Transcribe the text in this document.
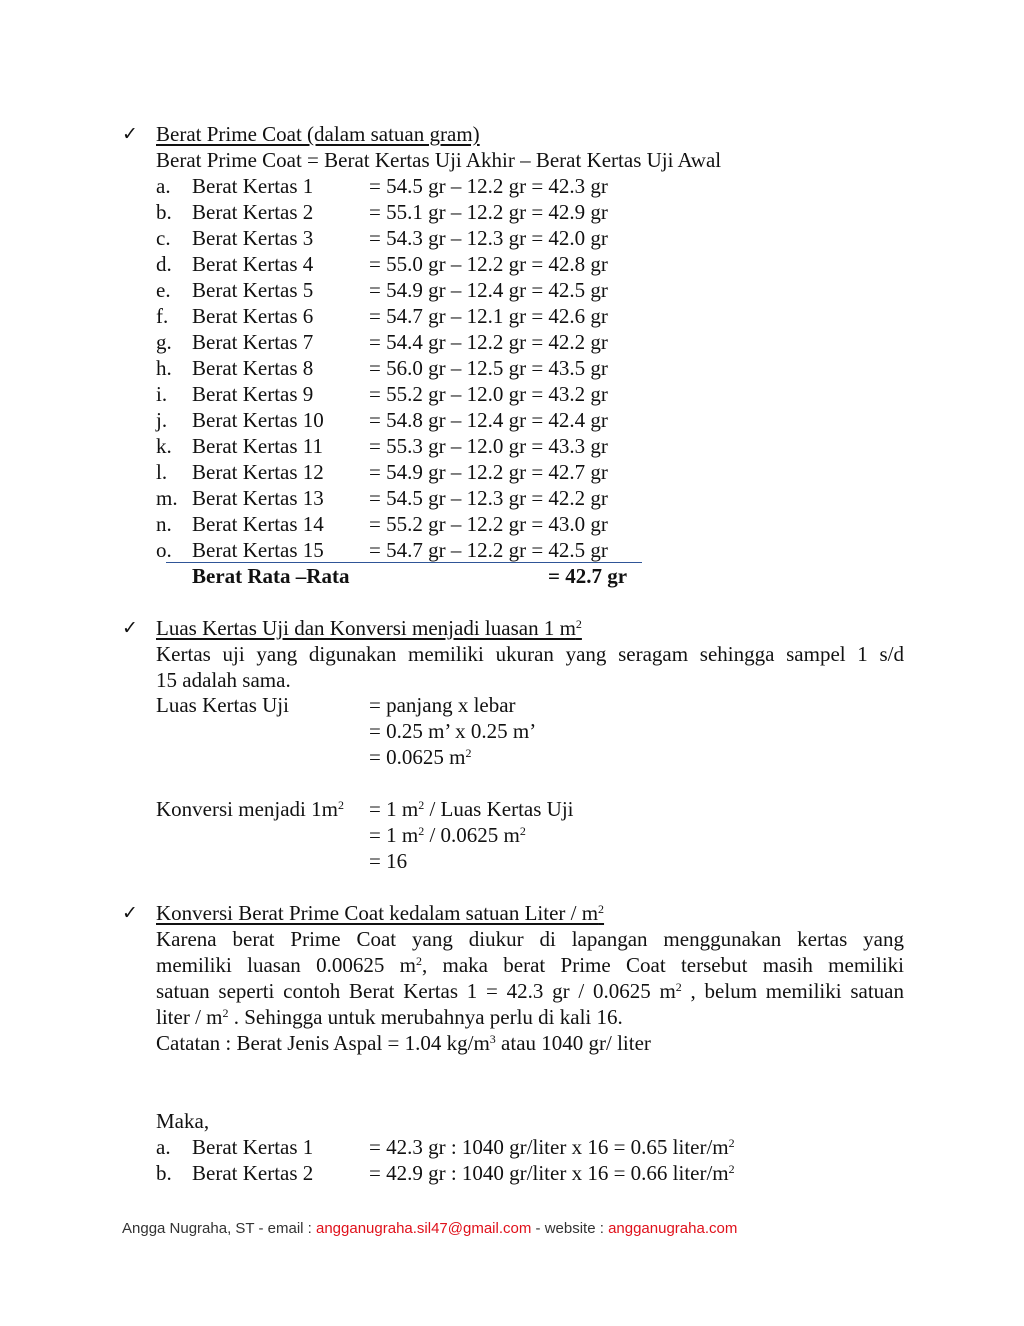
✓ Berat Prime Coat (dalam satuan gram)
Berat Prime Coat = Berat Kertas Uji Akhir – Berat Kertas Uji Awal
a. Berat Kertas 1	= 54.5 gr – 12.2 gr = 42.3 gr
b. Berat Kertas 2	= 55.1 gr – 12.2 gr = 42.9 gr
c. Berat Kertas 3	= 54.3 gr – 12.3 gr = 42.0 gr
d. Berat Kertas 4	= 55.0 gr – 12.2 gr = 42.8 gr
e. Berat Kertas 5	= 54.9 gr – 12.4 gr = 42.5 gr
f. Berat Kertas 6	= 54.7 gr – 12.1 gr = 42.6 gr
g. Berat Kertas 7	= 54.4 gr – 12.2 gr = 42.2 gr
h. Berat Kertas 8	= 56.0 gr – 12.5 gr = 43.5 gr
i. Berat Kertas 9	= 55.2 gr – 12.0 gr = 43.2 gr
j. Berat Kertas 10 = 54.8 gr – 12.4 gr = 42.4 gr
k. Berat Kertas 11 = 55.3 gr – 12.0 gr = 43.3 gr
l. Berat Kertas 12 = 54.9 gr – 12.2 gr = 42.7 gr
m. Berat Kertas 13 = 54.5 gr – 12.3 gr = 42.2 gr
n. Berat Kertas 14 = 55.2 gr – 12.2 gr = 43.0 gr
o. Berat Kertas 15 = 54.7 gr – 12.2 gr = 42.5 gr
Berat Rata –Rata	= 42.7 gr
✓ Luas Kertas Uji dan Konversi menjadi luasan 1 $m^2$
Kertas uji yang digunakan memiliki ukuran yang seragam sehingga sampel 1 s/d
15 adalah sama.
Luas Kertas Uji	= panjang x lebar
= 0.25 m’ x 0.25 m’
= 0.0625 $m^2$
Konversi menjadi $1m^2 = 1$ $m^2$ / Luas Kertas Uji
= 1 $m^2 / 0.0625$ $m^2$
= 16
✓ Konversi Berat Prime Coat kedalam satuan Liter / $m^2$
Karena berat Prime Coat yang diukur di lapangan menggunakan kertas yang
memiliki luasan 0.00625 $m^2$, maka berat Prime Coat tersebut masih memiliki
satuan seperti contoh Berat Kertas 1 = 42.3 gr / 0.0625 $m^2$ , belum memiliki satuan
liter / $m^2$ . Sehingga untuk merubahnya perlu di kali 16.
Catatan : Berat Jenis Aspal = 1.04 $kg/m^3$ atau 1040 gr/ liter
Maka,
a. Berat Kertas 1	= 42.3 gr : 1040 gr/liter x 16 = 0.65 liter/$m^2$
b. Berat Kertas 2	= 42.9 gr : 1040 gr/liter x 16 = 0.66 liter/$m^2$
Angga Nugraha, ST - email : angganugraha.sil47@gmail.com - website : angganugraha.com
